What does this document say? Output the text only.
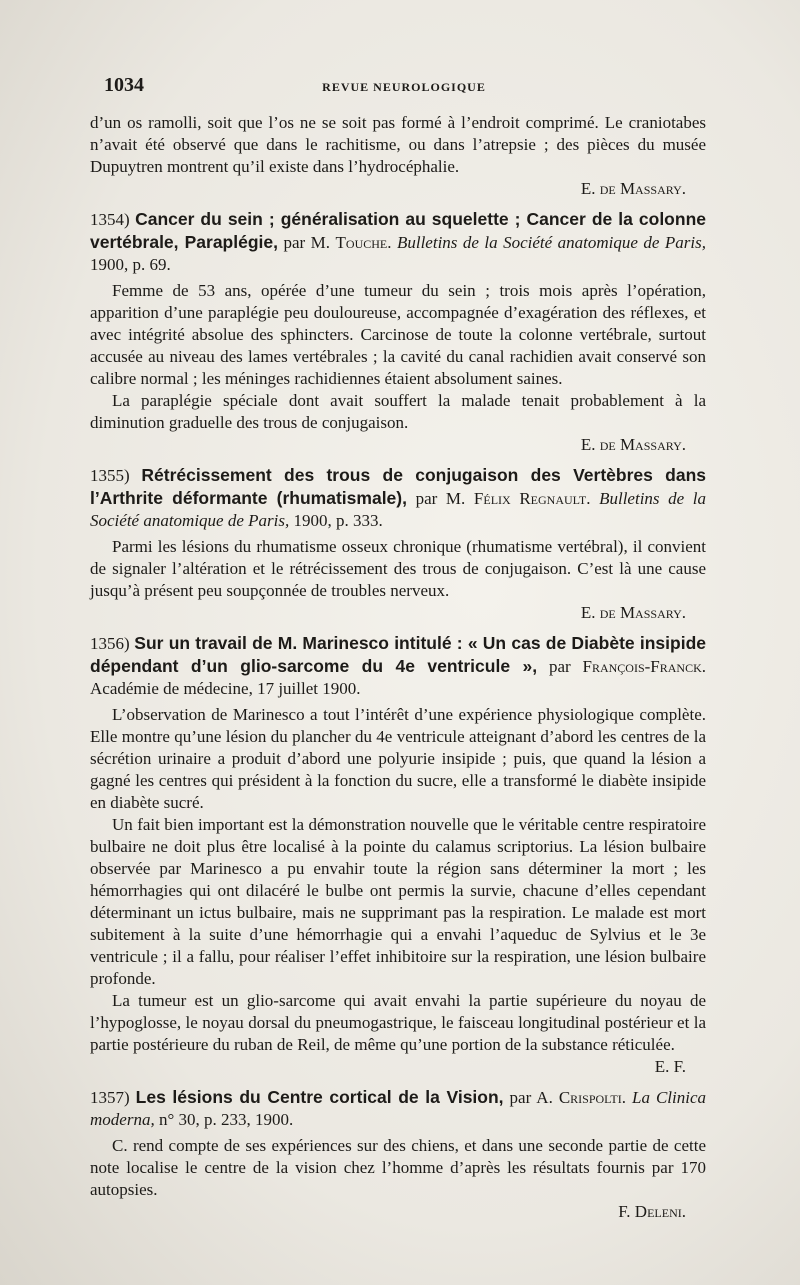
1034	REVUE NEUROLOGIQUE

d’un os ramolli, soit que l’os ne se soit pas formé à l’endroit comprimé. Le craniotabes n’avait été observé que dans le rachitisme, ou dans l’atrepsie ; des pièces du musée Dupuytren montrent qu’il existe dans l’hydrocéphalie.

E. de Massary.

1354) Cancer du sein ; généralisation au squelette ; Cancer de la colonne vertébrale, Paraplégie, par M. Touche. Bulletins de la Société anatomique de Paris, 1900, p. 69.

Femme de 53 ans, opérée d’une tumeur du sein ; trois mois après l’opération, apparition d’une paraplégie peu douloureuse, accompagnée d’exagération des réflexes, et avec intégrité absolue des sphincters. Carcinose de toute la colonne vertébrale, surtout accusée au niveau des lames vertébrales ; la cavité du canal rachidien avait conservé son calibre normal ; les méninges rachidiennes étaient absolument saines.

La paraplégie spéciale dont avait souffert la malade tenait probablement à la diminution graduelle des trous de conjugaison.

E. de Massary.

1355) Rétrécissement des trous de conjugaison des Vertèbres dans l’Arthrite déformante (rhumatismale), par M. Félix Regnault. Bulletins de la Société anatomique de Paris, 1900, p. 333.

Parmi les lésions du rhumatisme osseux chronique (rhumatisme vertébral), il convient de signaler l’altération et le rétrécissement des trous de conjugaison. C’est là une cause jusqu’à présent peu soupçonnée de troubles nerveux.

E. de Massary.

1356) Sur un travail de M. Marinesco intitulé : « Un cas de Diabète insipide dépendant d’un glio-sarcome du 4e ventricule », par François-Franck. Académie de médecine, 17 juillet 1900.

L’observation de Marinesco a tout l’intérêt d’une expérience physiologique complète. Elle montre qu’une lésion du plancher du 4e ventricule atteignant d’abord les centres de la sécrétion urinaire a produit d’abord une polyurie insipide ; puis, que quand la lésion a gagné les centres qui président à la fonction du sucre, elle a transformé le diabète insipide en diabète sucré.

Un fait bien important est la démonstration nouvelle que le véritable centre respiratoire bulbaire ne doit plus être localisé à la pointe du calamus scriptorius. La lésion bulbaire observée par Marinesco a pu envahir toute la région sans déterminer la mort ; les hémorrhagies qui ont dilacéré le bulbe ont permis la survie, chacune d’elles cependant déterminant un ictus bulbaire, mais ne supprimant pas la respiration. Le malade est mort subitement à la suite d’une hémorrhagie qui a envahi l’aqueduc de Sylvius et le 3e ventricule ; il a fallu, pour réaliser l’effet inhibitoire sur la respiration, une lésion bulbaire profonde.

La tumeur est un glio-sarcome qui avait envahi la partie supérieure du noyau de l’hypoglosse, le noyau dorsal du pneumogastrique, le faisceau longitudinal postérieur et la partie postérieure du ruban de Reil, de même qu’une portion de la substance réticulée.

E. F.

1357) Les lésions du Centre cortical de la Vision, par A. Crispolti. La Clinica moderna, n° 30, p. 233, 1900.

C. rend compte de ses expériences sur des chiens, et dans une seconde partie de cette note localise le centre de la vision chez l’homme d’après les résultats fournis par 170 autopsies.

F. Deleni.
